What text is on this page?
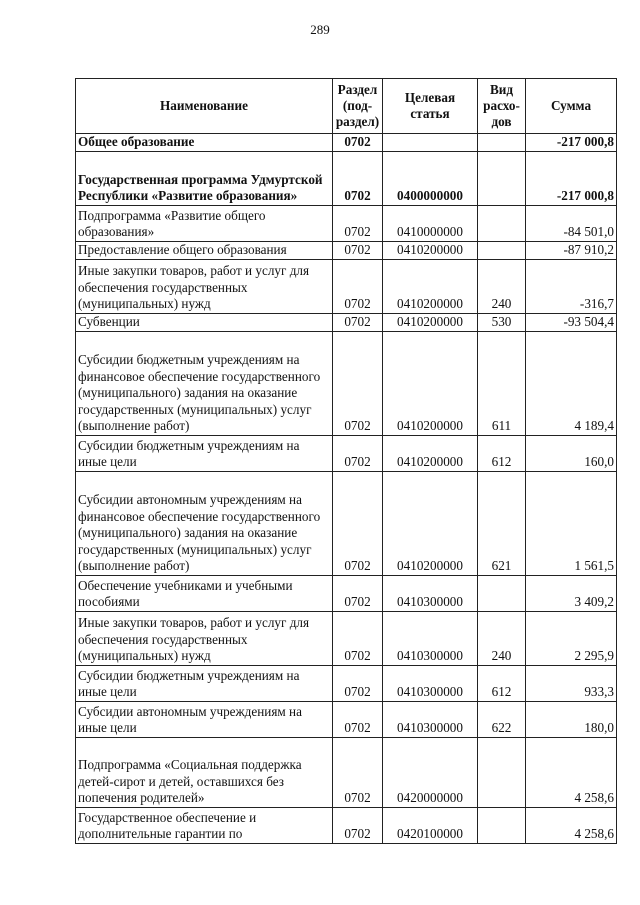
289
Наименование	Раздел (под-раздел)	Целевая статья	Вид расхо-дов	Сумма
Общее образование	0702			-217 000,8
Государственная программа Удмуртской Республики «Развитие образования»	0702	0400000000		-217 000,8
Подпрограмма «Развитие общего образования»	0702	0410000000		-84 501,0
Предоставление общего образования	0702	0410200000		-87 910,2
Иные закупки товаров, работ и услуг для обеспечения государственных (муниципальных) нужд	0702	0410200000	240	-316,7
Субвенции	0702	0410200000	530	-93 504,4
Субсидии бюджетным учреждениям на финансовое обеспечение государственного (муниципального) задания на оказание государственных (муниципальных) услуг (выполнение работ)	0702	0410200000	611	4 189,4
Субсидии бюджетным учреждениям на иные цели	0702	0410200000	612	160,0
Субсидии автономным учреждениям на финансовое обеспечение государственного (муниципального) задания на оказание государственных (муниципальных) услуг (выполнение работ)	0702	0410200000	621	1 561,5
Обеспечение учебниками и учебными пособиями	0702	0410300000		3 409,2
Иные закупки товаров, работ и услуг для обеспечения государственных (муниципальных) нужд	0702	0410300000	240	2 295,9
Субсидии бюджетным учреждениям на иные цели	0702	0410300000	612	933,3
Субсидии автономным учреждениям на иные цели	0702	0410300000	622	180,0
Подпрограмма «Социальная поддержка детей-сирот и детей, оставшихся без попечения родителей»	0702	0420000000		4 258,6
Государственное обеспечение и дополнительные гарантии по	0702	0420100000		4 258,6
